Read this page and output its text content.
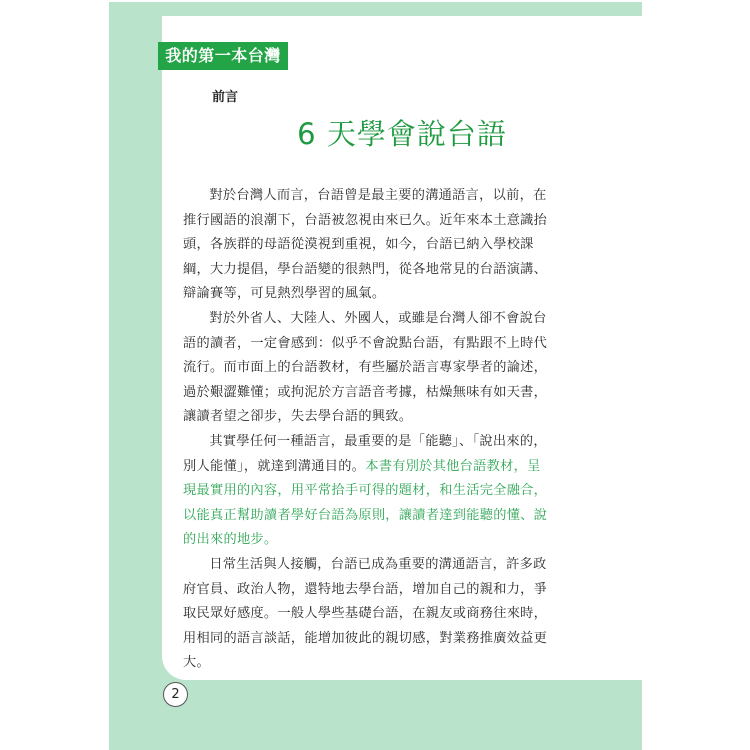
我的第一本台灣話
前言
6 天學會說台語

對於台灣人而言，台語曾是最主要的溝通語言，以前，在推行國語的浪潮下，台語被忽視由來已久。近年來本土意識抬頭，各族群的母語從漠視到重視，如今，台語已納入學校課綱，大力提倡，學台語變的很熱門，從各地常見的台語演講、辯論賽等，可見熱烈學習的風氣。

對於外省人、大陸人、外國人，或雖是台灣人卻不會說台語的讀者，一定會感到：似乎不會說點台語，有點跟不上時代流行。而市面上的台語教材，有些屬於語言專家學者的論述，過於艱澀難懂；或拘泥於方言語音考據，枯燥無味有如天書，讓讀者望之卻步，失去學台語的興致。

其實學任何一種語言，最重要的是「能聽」、「說出來的，別人能懂」，就達到溝通目的。本書有別於其他台語教材，呈現最實用的內容，用平常拾手可得的題材，和生活完全融合，以能真正幫助讀者學好台語為原則，讓讀者達到能聽的懂、說的出來的地步。

日常生活與人接觸，台語已成為重要的溝通語言，許多政府官員、政治人物，還特地去學台語，增加自己的親和力，爭取民眾好感度。一般人學些基礎台語，在親友或商務往來時，用相同的語言談話，能增加彼此的親切感，對業務推廣效益更大。

2
